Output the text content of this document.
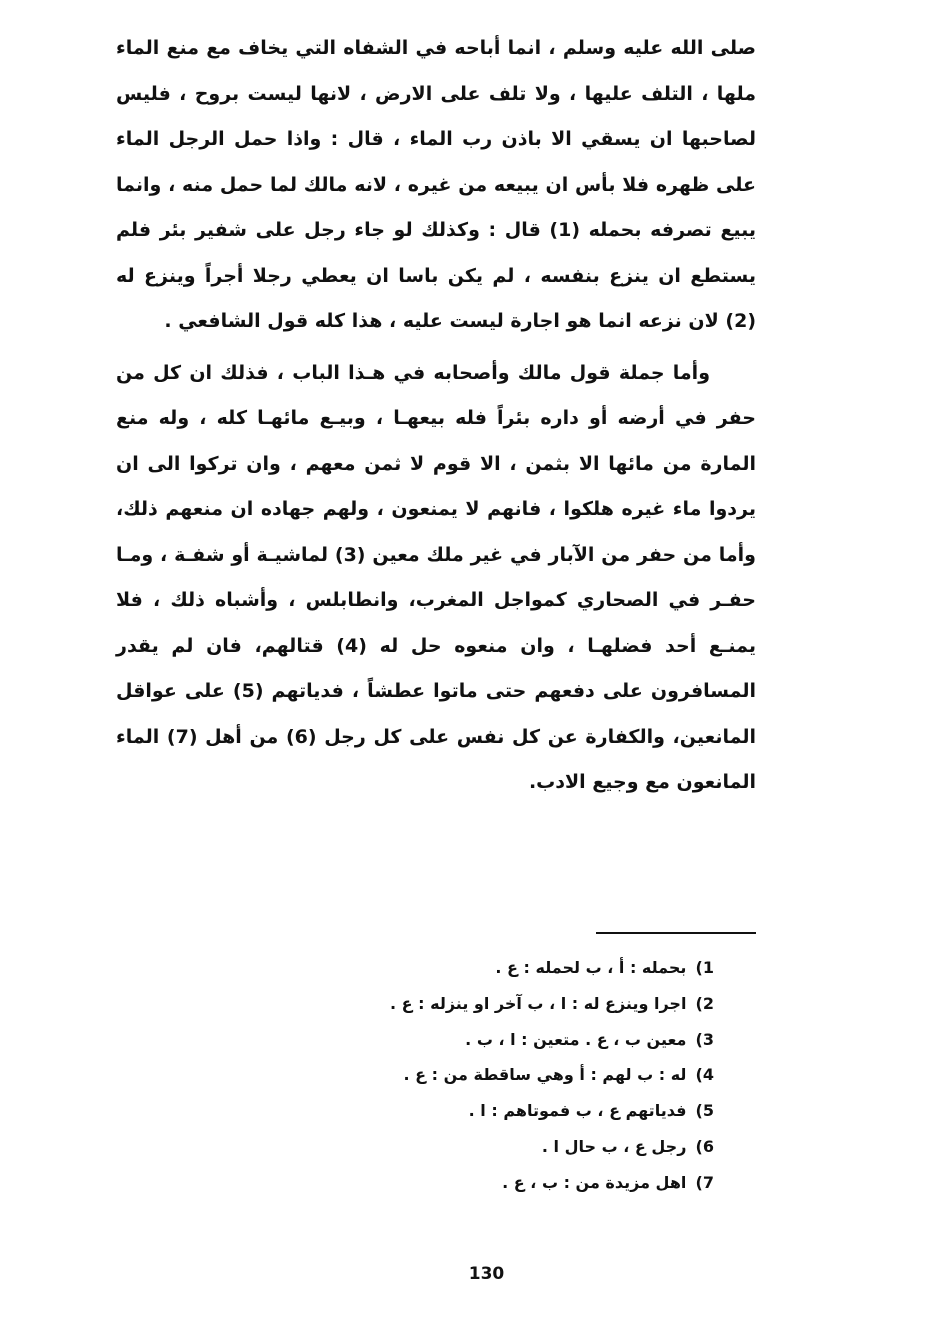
صلى الله عليه وسلم ، انما أباحه في الشفاه التي يخاف مع منع الماء ملها ، التلف عليها ، ولا تلف على الارض ، لانها ليست بروح ، فليس لصاحبها ان يسقي الا باذن رب الماء ، قال : واذا حمل الرجل الماء على ظهره فلا بأس ان يبيعه من غيره ، لانه مالك لما حمل منه ، وانما يبيع تصرفه بحمله (1) قال : وكذلك لو جاء رجل على شفير بئر فلم يستطع ان ينزع بنفسه ، لم يكن باسا ان يعطي رجلا أجراً وينزع له (2) لان نزعه انما هو اجارة ليست عليه ، هذا كله قول الشافعي .

وأما جملة قول مالك وأصحابه في هـذا الباب ، فذلك ان كل من حفر في أرضه أو داره بئراً فله بيعهـا ، وبيـع مائهـا كله ، وله منع المارة من مائها الا بثمن ، الا قوم لا ثمن معهم ، وان تركوا الى ان يردوا ماء غيره هلكوا ، فانهم لا يمنعون ، ولهم جهاده ان منعهم ذلك، وأما من حفر من الآبار في غير ملك معين (3) لماشيـة أو شفـة ، ومـا حفـر في الصحاري كمواجل المغرب، وانطابلس ، وأشباه ذلك ، فلا يمنـع أحد فضلهـا ، وان منعوه حل له (4) قتالهم، فان لم يقدر المسافرون على دفعهم حتى ماتوا عطشاً ، فدياتهم (5) على عواقل المانعين، والكفارة عن كل نفس على كل رجل (6) من أهل (7) الماء المانعون مع وجيع الادب.

1) بحمله : أ ، ب لحمله : ع .
2) اجرا وينزع له : ا ، ب آخر او ينزله : ع .
3) معين ب ، ع . متعين : ا ، ب .
4) له : ب لهم : أ وهي ساقطة من : ع .
5) فدياتهم ع ، ب فموتاهم : ا .
6) رجل ع ، ب حال ا .
7) اهل مزيدة من : ب ، ع .
130
